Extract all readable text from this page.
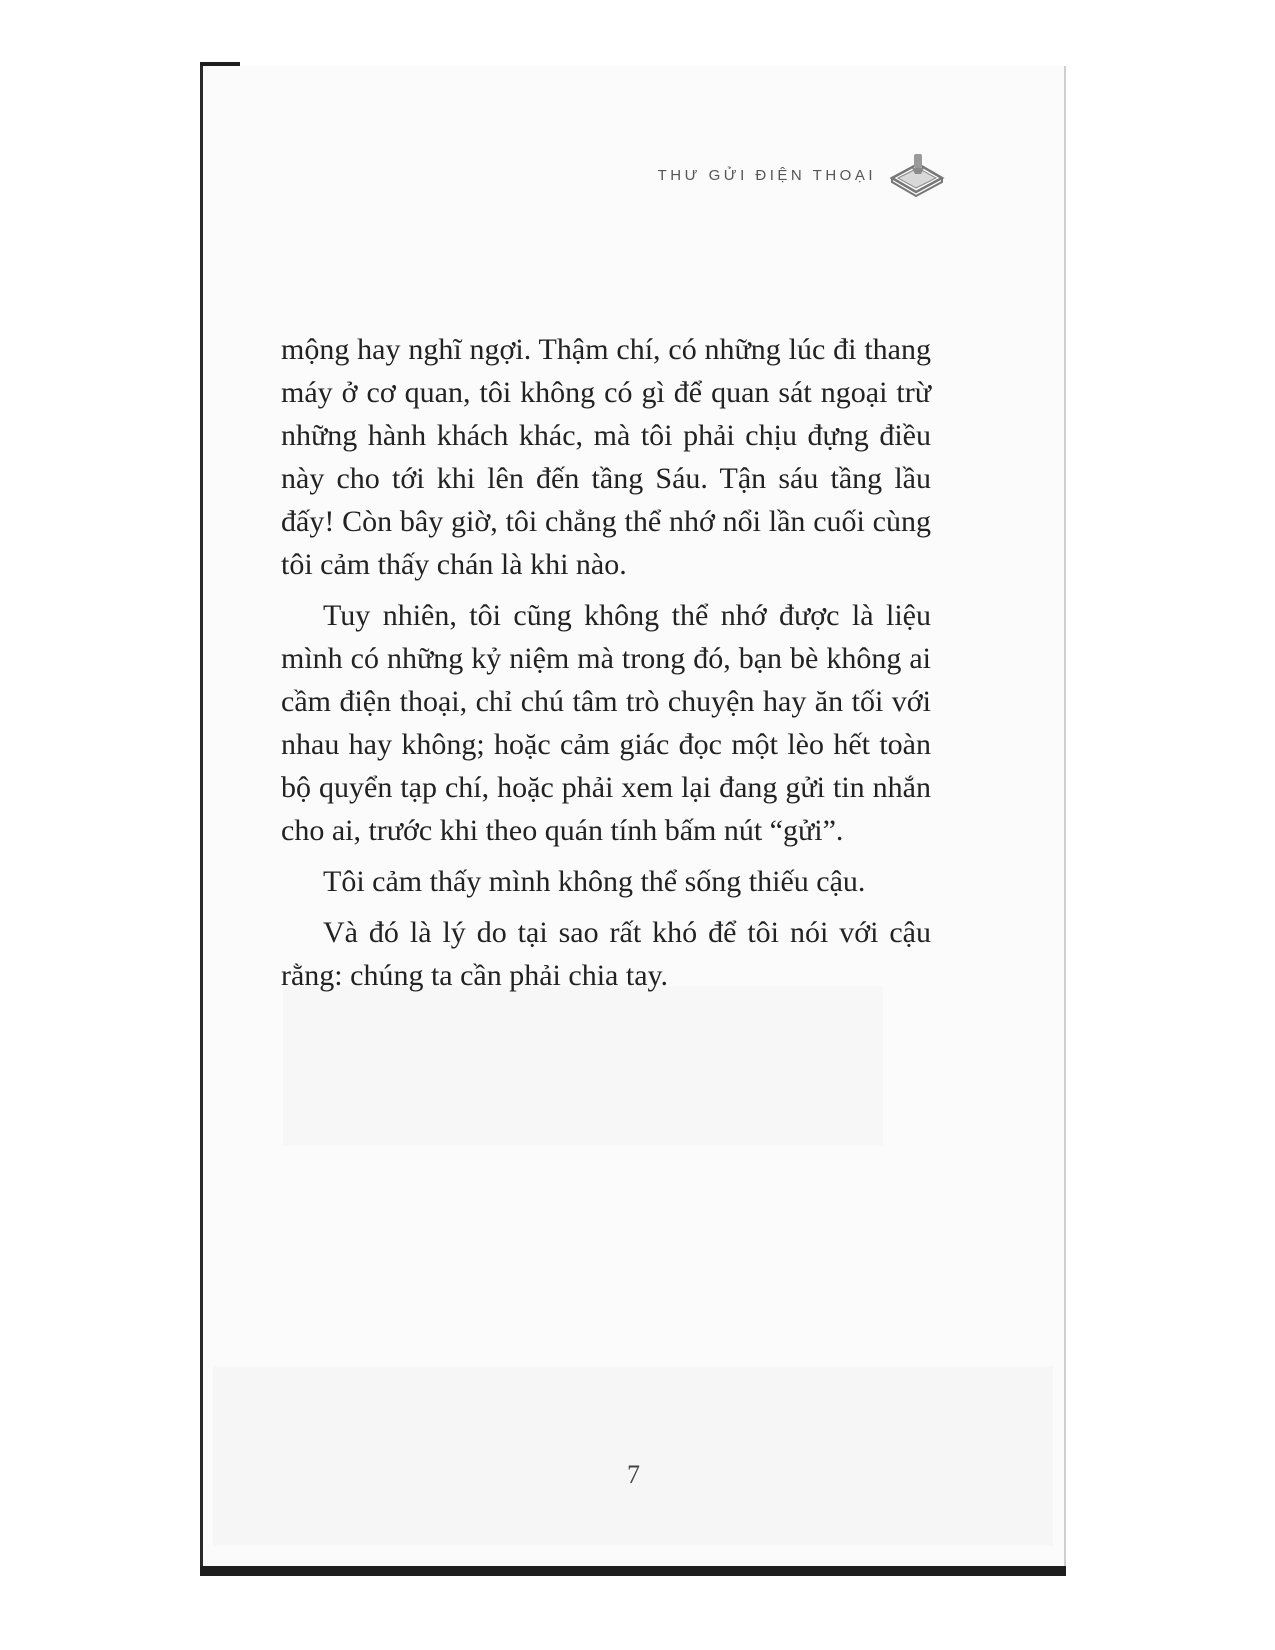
THƯ GỬI ĐIỆN THOẠI

mộng hay nghĩ ngợi. Thậm chí, có những lúc đi thang máy ở cơ quan, tôi không có gì để quan sát ngoại trừ những hành khách khác, mà tôi phải chịu đựng điều này cho tới khi lên đến tầng Sáu. Tận sáu tầng lầu đấy! Còn bây giờ, tôi chẳng thể nhớ nổi lần cuối cùng tôi cảm thấy chán là khi nào.

Tuy nhiên, tôi cũng không thể nhớ được là liệu mình có những kỷ niệm mà trong đó, bạn bè không ai cầm điện thoại, chỉ chú tâm trò chuyện hay ăn tối với nhau hay không; hoặc cảm giác đọc một lèo hết toàn bộ quyển tạp chí, hoặc phải xem lại đang gửi tin nhắn cho ai, trước khi theo quán tính bấm nút “gửi”.

Tôi cảm thấy mình không thể sống thiếu cậu.

Và đó là lý do tại sao rất khó để tôi nói với cậu rằng: chúng ta cần phải chia tay.

7
